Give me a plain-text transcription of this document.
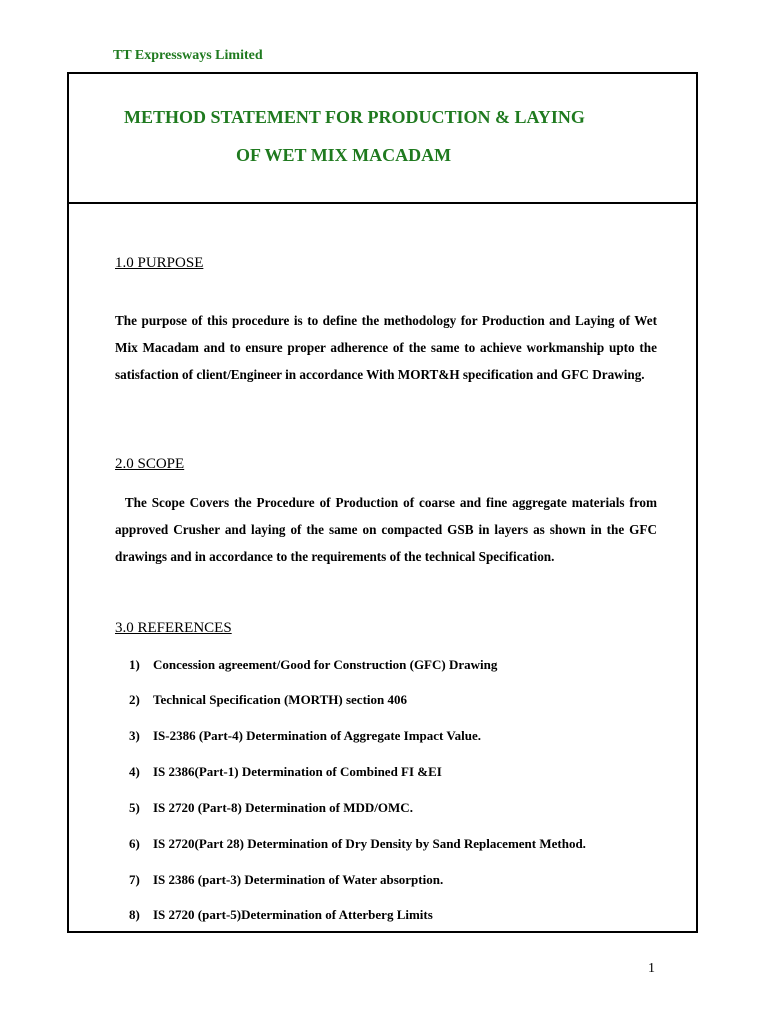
TT Expressways Limited
METHOD STATEMENT FOR PRODUCTION & LAYING
OF WET MIX MACADAM
1.0 PURPOSE

The purpose of this procedure is to define the methodology for Production and Laying of Wet Mix Macadam and to ensure proper adherence of the same to achieve workmanship upto the satisfaction of client/Engineer in accordance With MORT&H specification and GFC Drawing.

2.0 SCOPE

The Scope Covers the Procedure of Production of coarse and fine aggregate materials from approved Crusher and laying of the same on compacted GSB in layers as shown in the GFC drawings and in accordance to the requirements of the technical Specification.

3.0 REFERENCES
1) Concession agreement/Good for Construction (GFC) Drawing
2) Technical Specification (MORTH) section 406
3) IS-2386 (Part-4) Determination of Aggregate Impact Value.
4) IS 2386(Part-1) Determination of Combined FI &EI
5) IS 2720 (Part-8) Determination of MDD/OMC.
6) IS 2720(Part 28) Determination of Dry Density by Sand Replacement Method.
7) IS 2386 (part-3) Determination of Water absorption.
8) IS 2720 (part-5)Determination of Atterberg Limits
1
